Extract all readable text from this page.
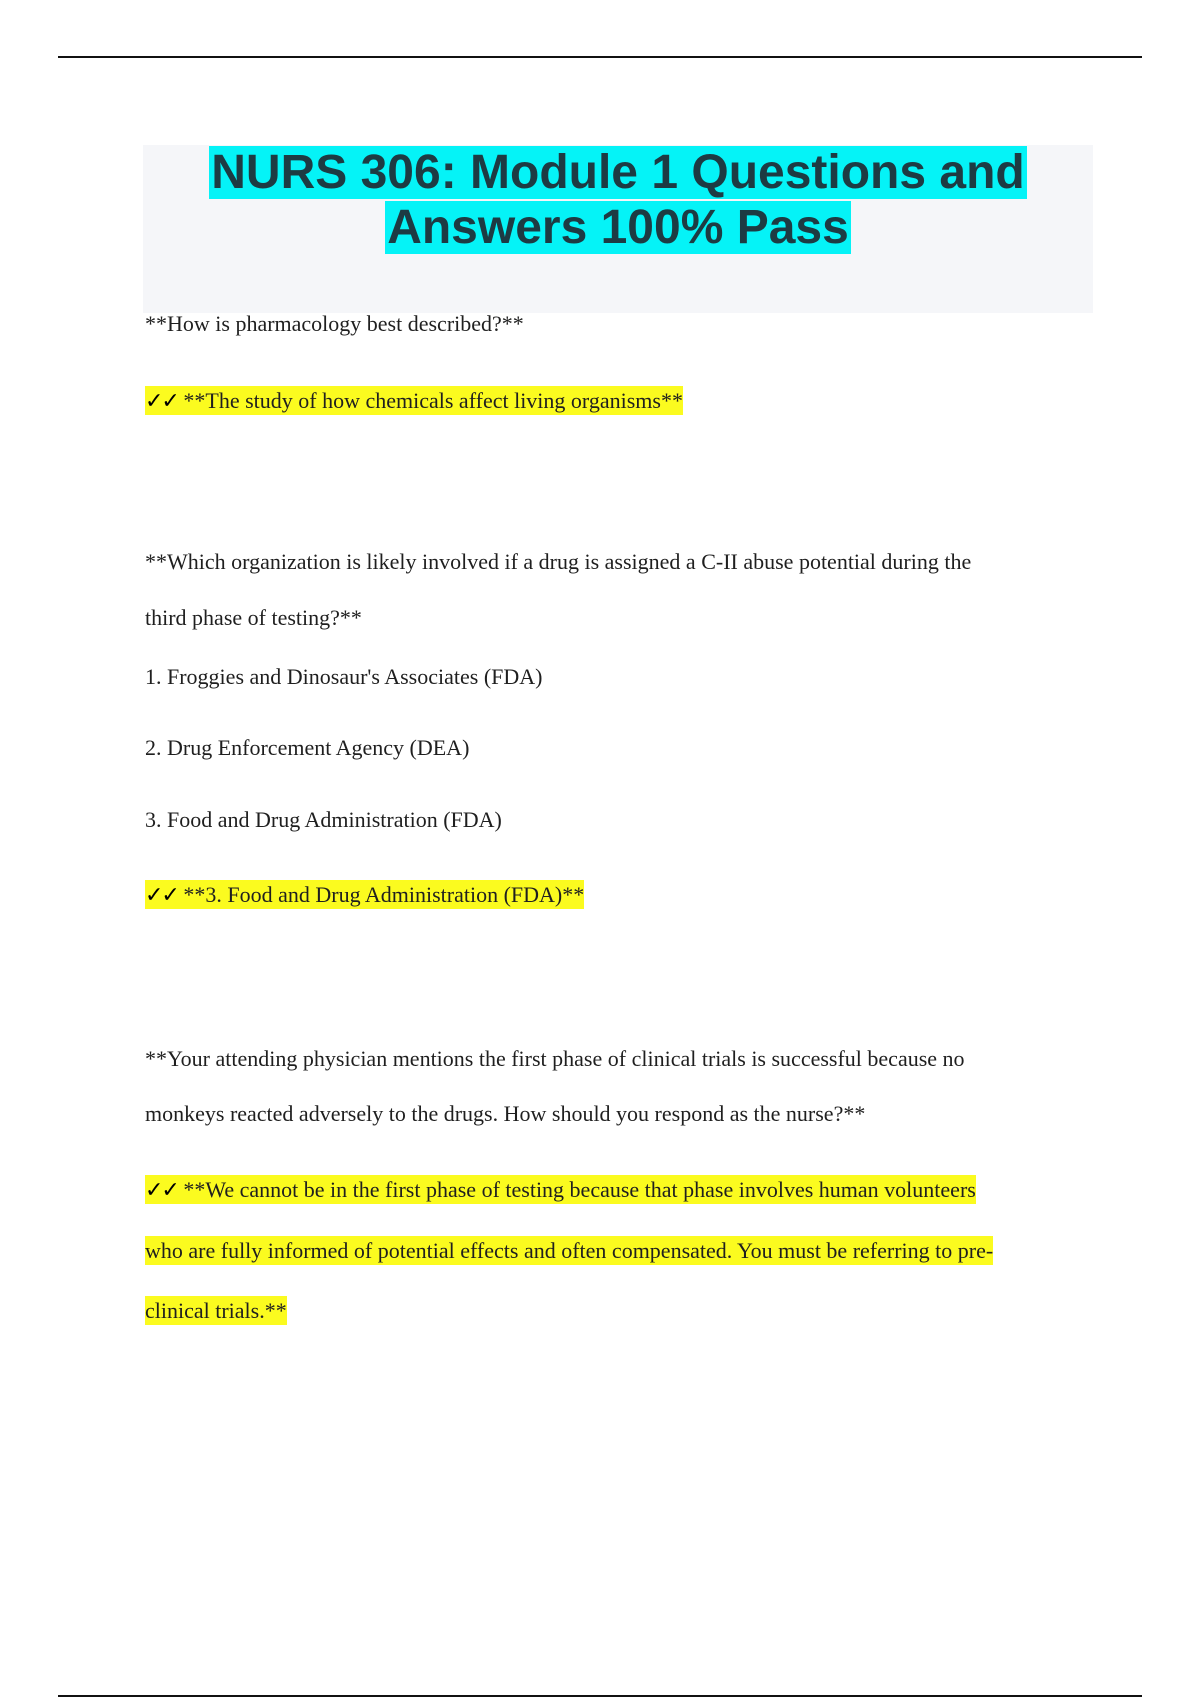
NURS 306: Module 1 Questions and
Answers 100% Pass

**How is pharmacology best described?**

✓✓ **The study of how chemicals affect living organisms**

**Which organization is likely involved if a drug is assigned a C-II abuse potential during the

third phase of testing?**

1. Froggies and Dinosaur's Associates (FDA)

2. Drug Enforcement Agency (DEA)

3. Food and Drug Administration (FDA)

✓✓ **3. Food and Drug Administration (FDA)**

**Your attending physician mentions the first phase of clinical trials is successful because no

monkeys reacted adversely to the drugs. How should you respond as the nurse?**

✓✓ **We cannot be in the first phase of testing because that phase involves human volunteers

who are fully informed of potential effects and often compensated. You must be referring to pre-

clinical trials.**
